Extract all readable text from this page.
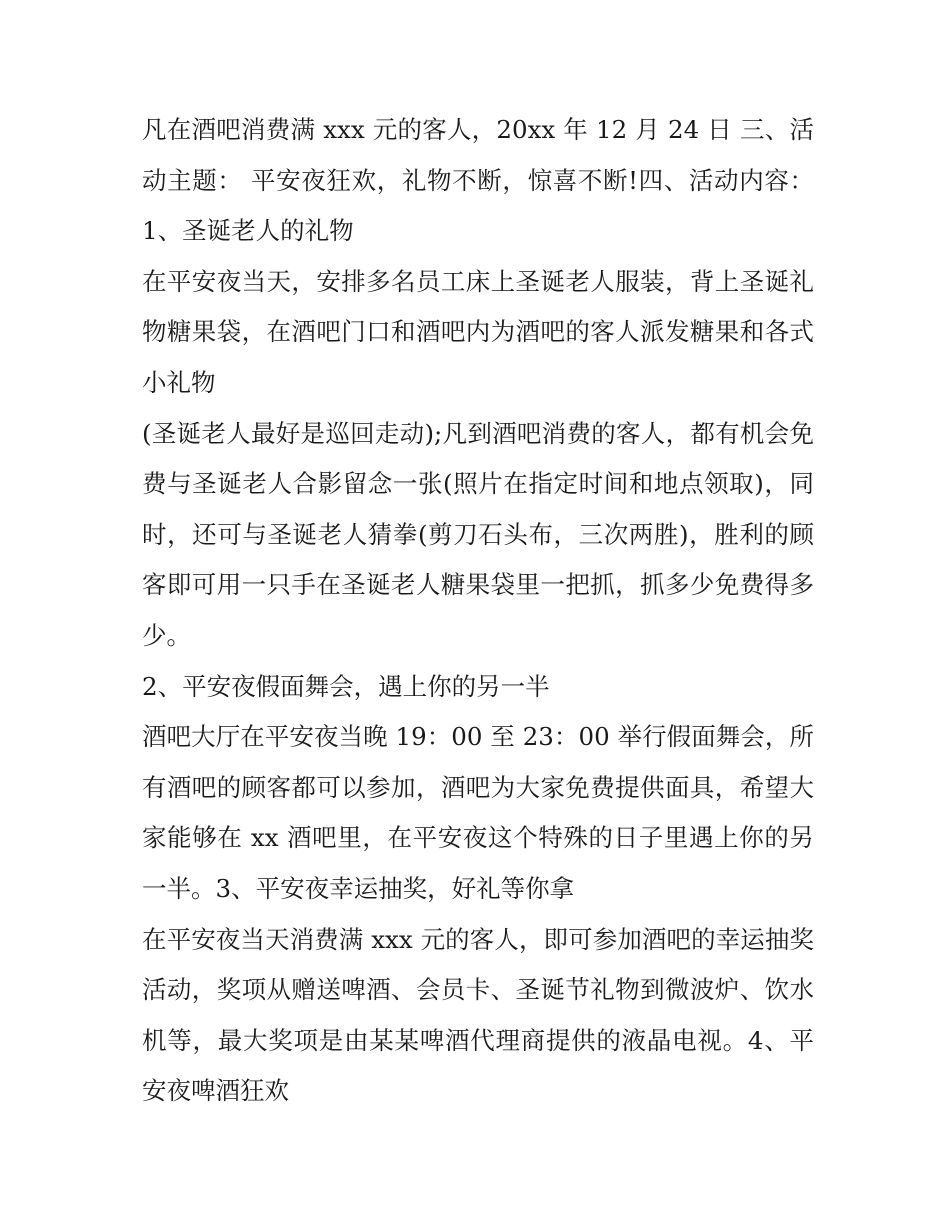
凡在酒吧消费满 xxx 元的客人，20xx 年 12 月 24 日 三、活动主题： 平安夜狂欢，礼物不断，惊喜不断!四、活动内容： 1、圣诞老人的礼物

在平安夜当天，安排多名员工床上圣诞老人服装，背上圣诞礼物糖果袋，在酒吧门口和酒吧内为酒吧的客人派发糖果和各式小礼物

(圣诞老人最好是巡回走动);凡到酒吧消费的客人，都有机会免费与圣诞老人合影留念一张(照片在指定时间和地点领取)，同时，还可与圣诞老人猜拳(剪刀石头布，三次两胜)，胜利的顾客即可用一只手在圣诞老人糖果袋里一把抓，抓多少免费得多少。

2、平安夜假面舞会，遇上你的另一半

酒吧大厅在平安夜当晚 19：00 至 23：00 举行假面舞会，所有酒吧的顾客都可以参加，酒吧为大家免费提供面具，希望大家能够在 xx 酒吧里，在平安夜这个特殊的日子里遇上你的另一半。3、平安夜幸运抽奖，好礼等你拿

在平安夜当天消费满 xxx 元的客人，即可参加酒吧的幸运抽奖活动，奖项从赠送啤酒、会员卡、圣诞节礼物到微波炉、饮水机等，最大奖项是由某某啤酒代理商提供的液晶电视。4、平安夜啤酒狂欢
